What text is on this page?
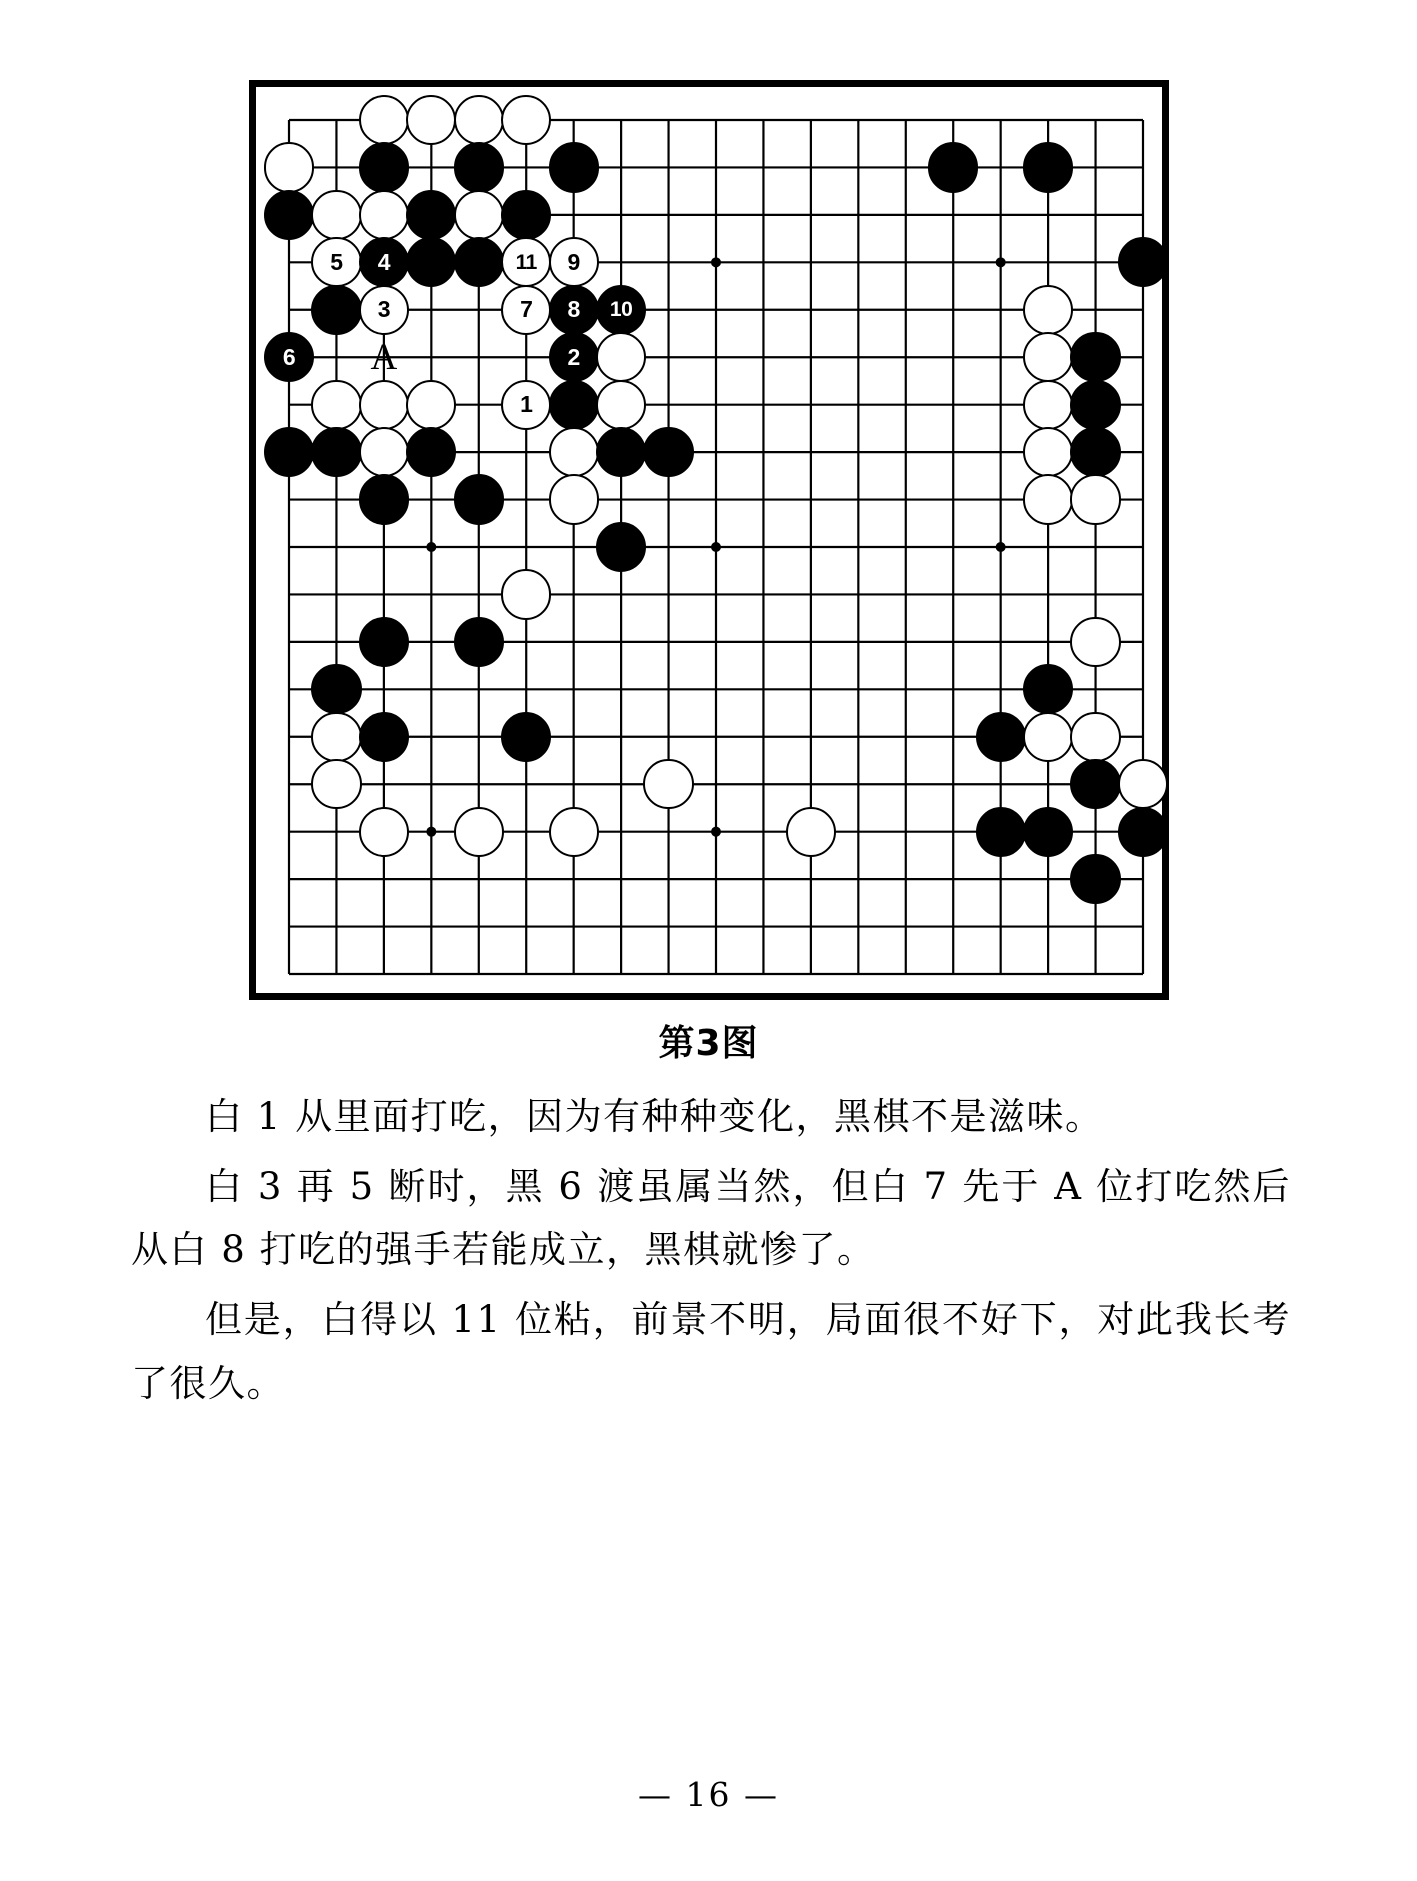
5 4	11 9
3	7 8 10
6	2
1
A
第3图

白 1 从里面打吃，因为有种种变化，黑棋不是滋味。

白 3 再 5 断时，黑 6 渡虽属当然，但白 7 先于 A 位打吃然后从白 8 打吃的强手若能成立，黑棋就惨了。

但是，白得以 11 位粘，前景不明，局面很不好下，对此我长考了很久。

— 16 —
